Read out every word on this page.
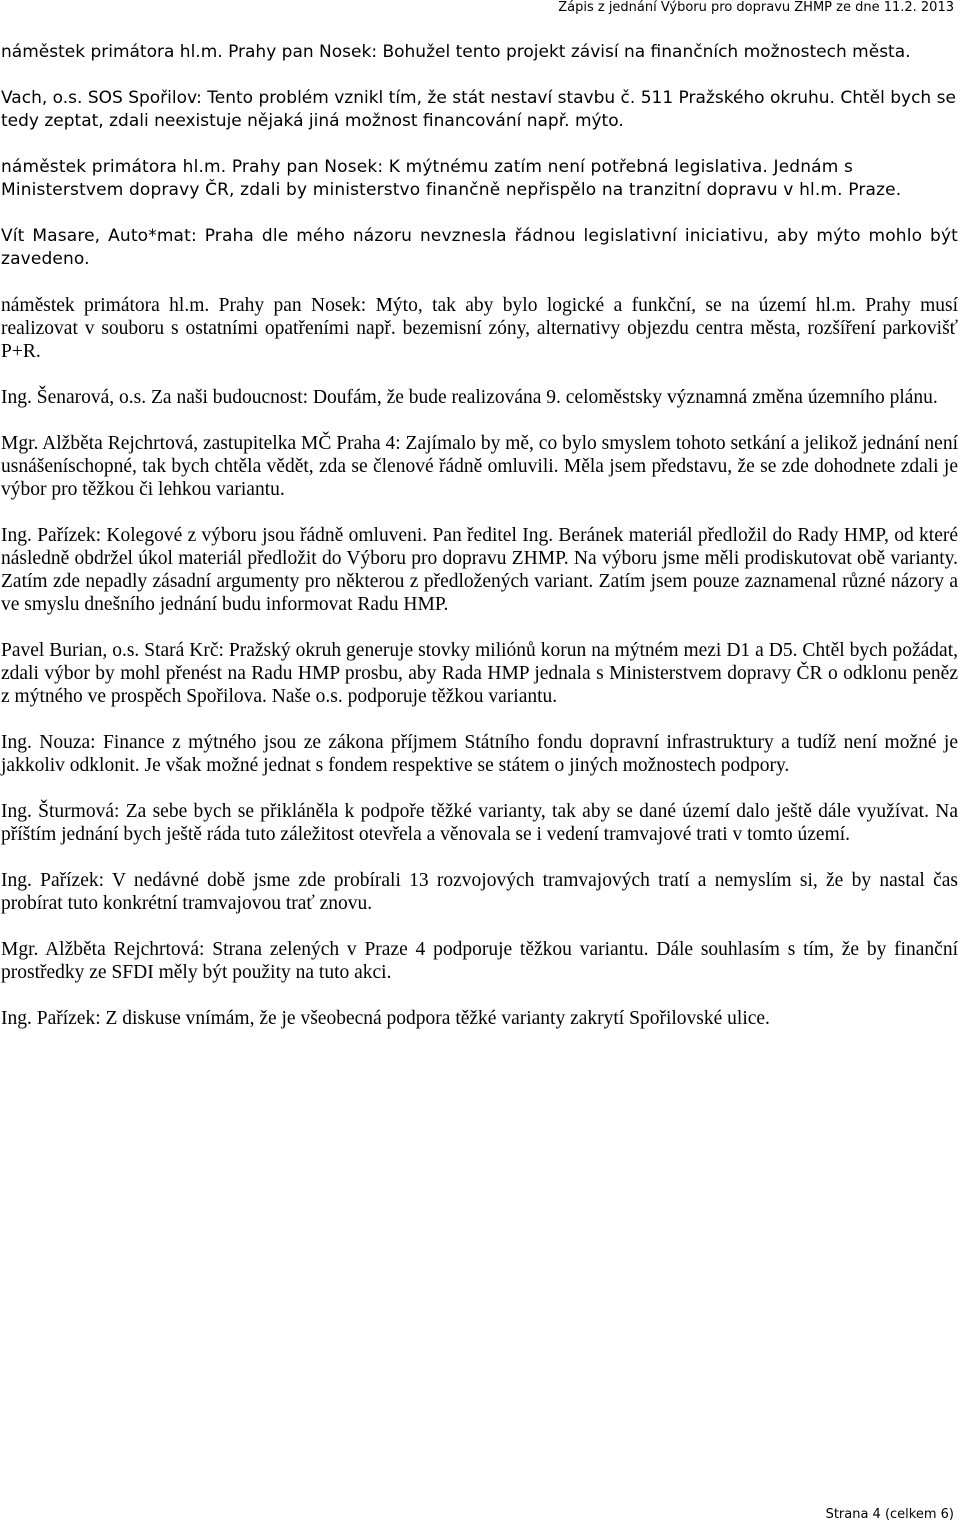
Zápis z jednání Výboru pro dopravu ZHMP ze dne 11.2. 2013

náměstek primátora hl.m. Prahy pan Nosek: Bohužel tento projekt závisí na finančních možnostech města.

Vach, o.s. SOS Spořilov: Tento problém vznikl tím, že stát nestaví stavbu č. 511 Pražského okruhu. Chtěl bych se tedy zeptat, zdali neexistuje nějaká jiná možnost financování např. mýto.

náměstek primátora hl.m. Prahy pan Nosek: K mýtnému zatím není potřebná legislativa. Jednám s Ministerstvem dopravy ČR, zdali by ministerstvo finančně nepřispělo na tranzitní dopravu v hl.m. Praze.

Vít Masare, Auto*mat: Praha dle mého názoru nevznesla řádnou legislativní iniciativu, aby mýto mohlo být zavedeno.

náměstek primátora hl.m. Prahy pan Nosek: Mýto, tak aby bylo logické a funkční, se na území hl.m. Prahy musí realizovat v souboru s ostatními opatřeními např. bezemisní zóny, alternativy objezdu centra města, rozšíření parkovišť P+R.

Ing. Šenarová, o.s. Za naši budoucnost: Doufám, že bude realizována 9. celoměstsky významná změna územního plánu.

Mgr. Alžběta Rejchrtová, zastupitelka MČ Praha 4: Zajímalo by mě, co bylo smyslem tohoto setkání a jelikož jednání není usnášeníschopné, tak bych chtěla vědět, zda se členové řádně omluvili. Měla jsem představu, že se zde dohodnete zdali je výbor pro těžkou či lehkou variantu.

Ing. Pařízek: Kolegové z výboru jsou řádně omluveni. Pan ředitel Ing. Beránek materiál předložil do Rady HMP, od které následně obdržel úkol materiál předložit do Výboru pro dopravu ZHMP. Na výboru jsme měli prodiskutovat obě varianty. Zatím zde nepadly zásadní argumenty pro některou z předložených variant. Zatím jsem pouze zaznamenal různé názory a ve smyslu dnešního jednání budu informovat Radu HMP.

Pavel Burian, o.s. Stará Krč: Pražský okruh generuje stovky miliónů korun na mýtném mezi D1 a D5. Chtěl bych požádat, zdali výbor by mohl přenést na Radu HMP prosbu, aby Rada HMP jednala s Ministerstvem dopravy ČR o odklonu peněz z mýtného ve prospěch Spořilova. Naše o.s. podporuje těžkou variantu.

Ing. Nouza: Finance z mýtného jsou ze zákona příjmem Státního fondu dopravní infrastruktury a tudíž není možné je jakkoliv odklonit. Je však možné jednat s fondem respektive se státem o jiných možnostech podpory.

Ing. Šturmová: Za sebe bych se přikláněla k podpoře těžké varianty, tak aby se dané území dalo ještě dále využívat. Na příštím jednání bych ještě ráda tuto záležitost otevřela a věnovala se i vedení tramvajové trati v tomto území.

Ing. Pařízek: V nedávné době jsme zde probírali 13 rozvojových tramvajových tratí a nemyslím si, že by nastal čas probírat tuto konkrétní tramvajovou trať znovu.

Mgr. Alžběta Rejchrtová: Strana zelených v Praze 4 podporuje těžkou variantu. Dále souhlasím s tím, že by finanční prostředky ze SFDI měly být použity na tuto akci.

Ing. Pařízek: Z diskuse vnímám, že je všeobecná podpora těžké varianty zakrytí Spořilovské ulice.

Strana 4 (celkem 6)
